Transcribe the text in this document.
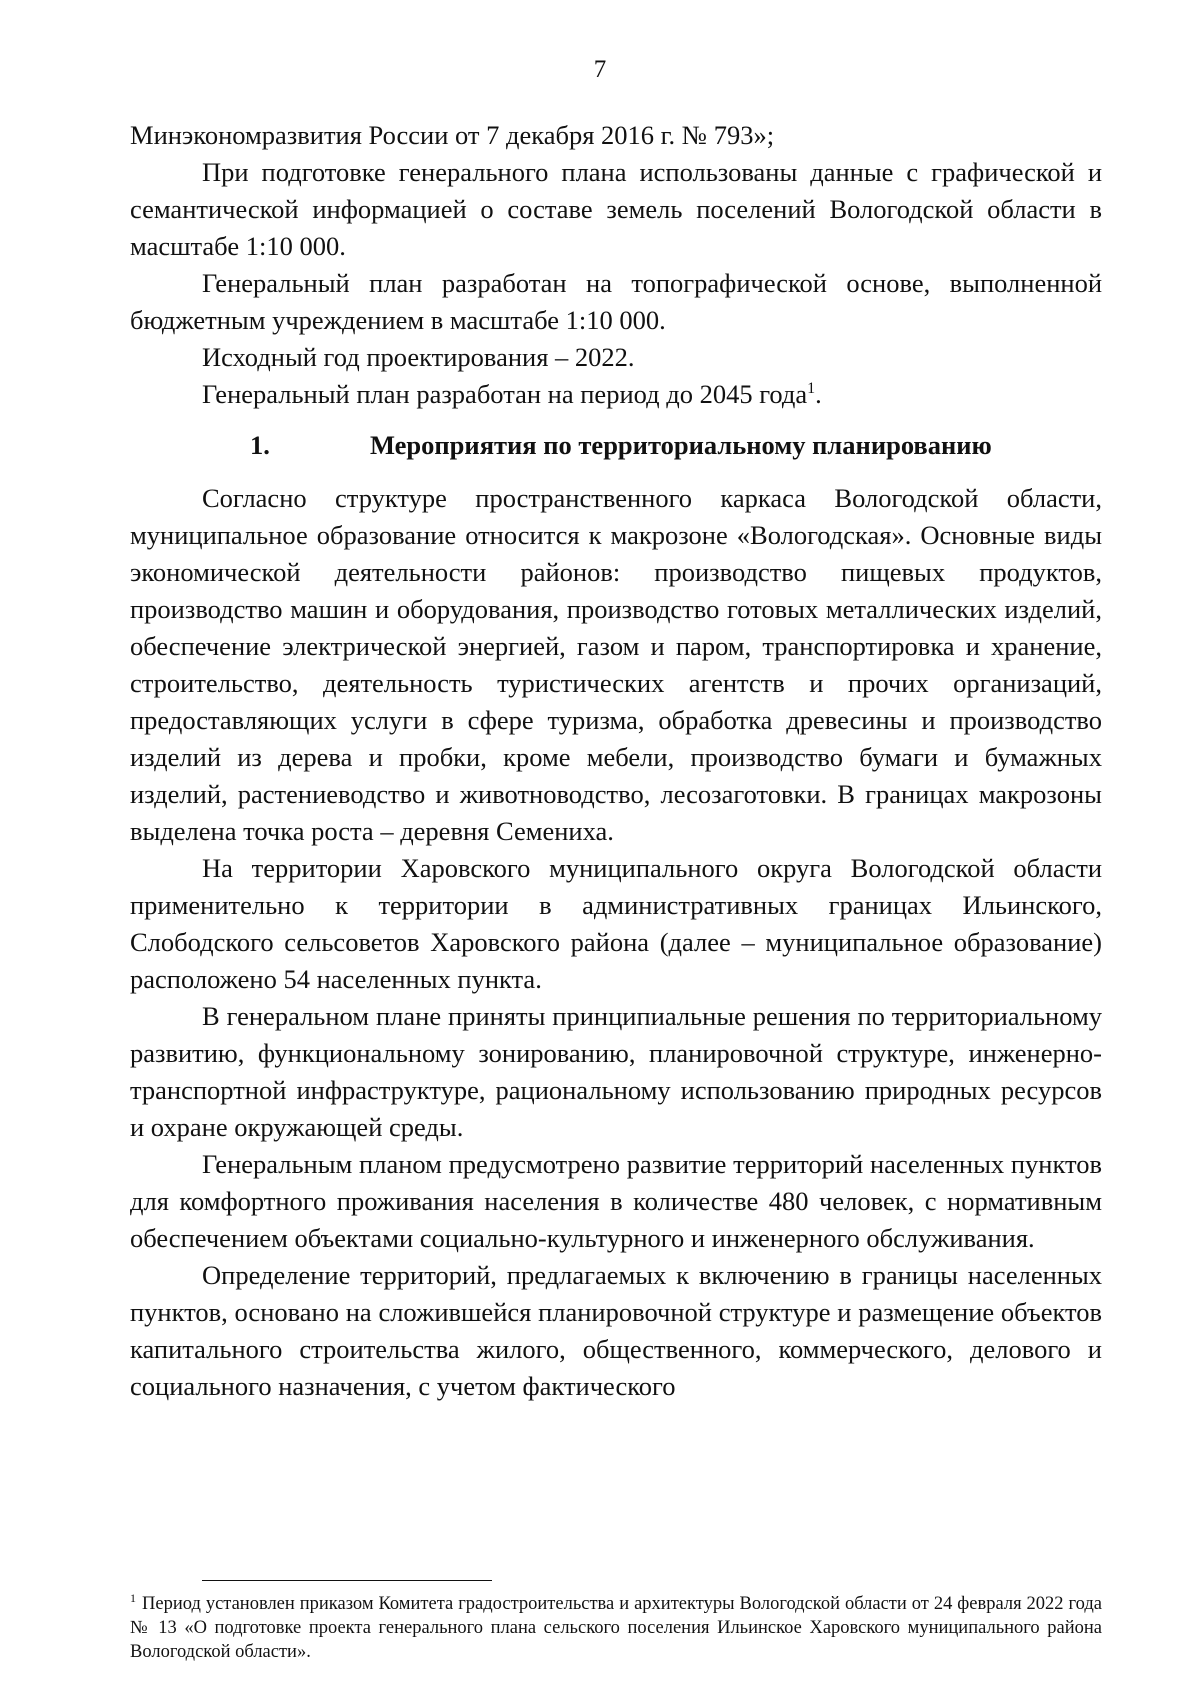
7

Минэкономразвития России от 7 декабря 2016 г. № 793»;

При подготовке генерального плана использованы данные с графической и семантической информацией о составе земель поселений Вологодской области в масштабе 1:10 000.

Генеральный план разработан на топографической основе, выполненной бюджетным учреждением в масштабе 1:10 000.

Исходный год проектирования – 2022.

Генеральный план разработан на период до 2045 года$^1$.

1.	Мероприятия по территориальному планированию

Согласно структуре пространственного каркаса Вологодской области, муниципальное образование относится к макрозоне «Вологодская». Основные виды экономической деятельности районов: производство пищевых продуктов, производство машин и оборудования, производство готовых металлических изделий, обеспечение электрической энергией, газом и паром, транспортировка и хранение, строительство, деятельность туристических агентств и прочих организаций, предоставляющих услуги в сфере туризма, обработка древесины и производство изделий из дерева и пробки, кроме мебели, производство бумаги и бумажных изделий, растениеводство и животноводство, лесозаготовки. В границах макрозоны выделена точка роста – деревня Семениха.

На территории Харовского муниципального округа Вологодской области применительно к территории в административных границах Ильинского, Слободского сельсоветов Харовского района (далее – муниципальное образование) расположено 54 населенных пункта.

В генеральном плане приняты принципиальные решения по территориальному развитию, функциональному зонированию, планировочной структуре, инженерно-транспортной инфраструктуре, рациональному использованию природных ресурсов и охране окружающей среды.

Генеральным планом предусмотрено развитие территорий населенных пунктов для комфортного проживания населения в количестве 480 человек, с нормативным обеспечением объектами социально-культурного и инженерного обслуживания.

Определение территорий, предлагаемых к включению в границы населенных пунктов, основано на сложившейся планировочной структуре и размещение объектов капитального строительства жилого, общественного, коммерческого, делового и социального назначения, с учетом фактического

$^1$ Период установлен приказом Комитета градостроительства и архитектуры Вологодской области от 24 февраля 2022 года № 13 «О подготовке проекта генерального плана сельского поселения Ильинское Харовского муниципального района Вологодской области».
